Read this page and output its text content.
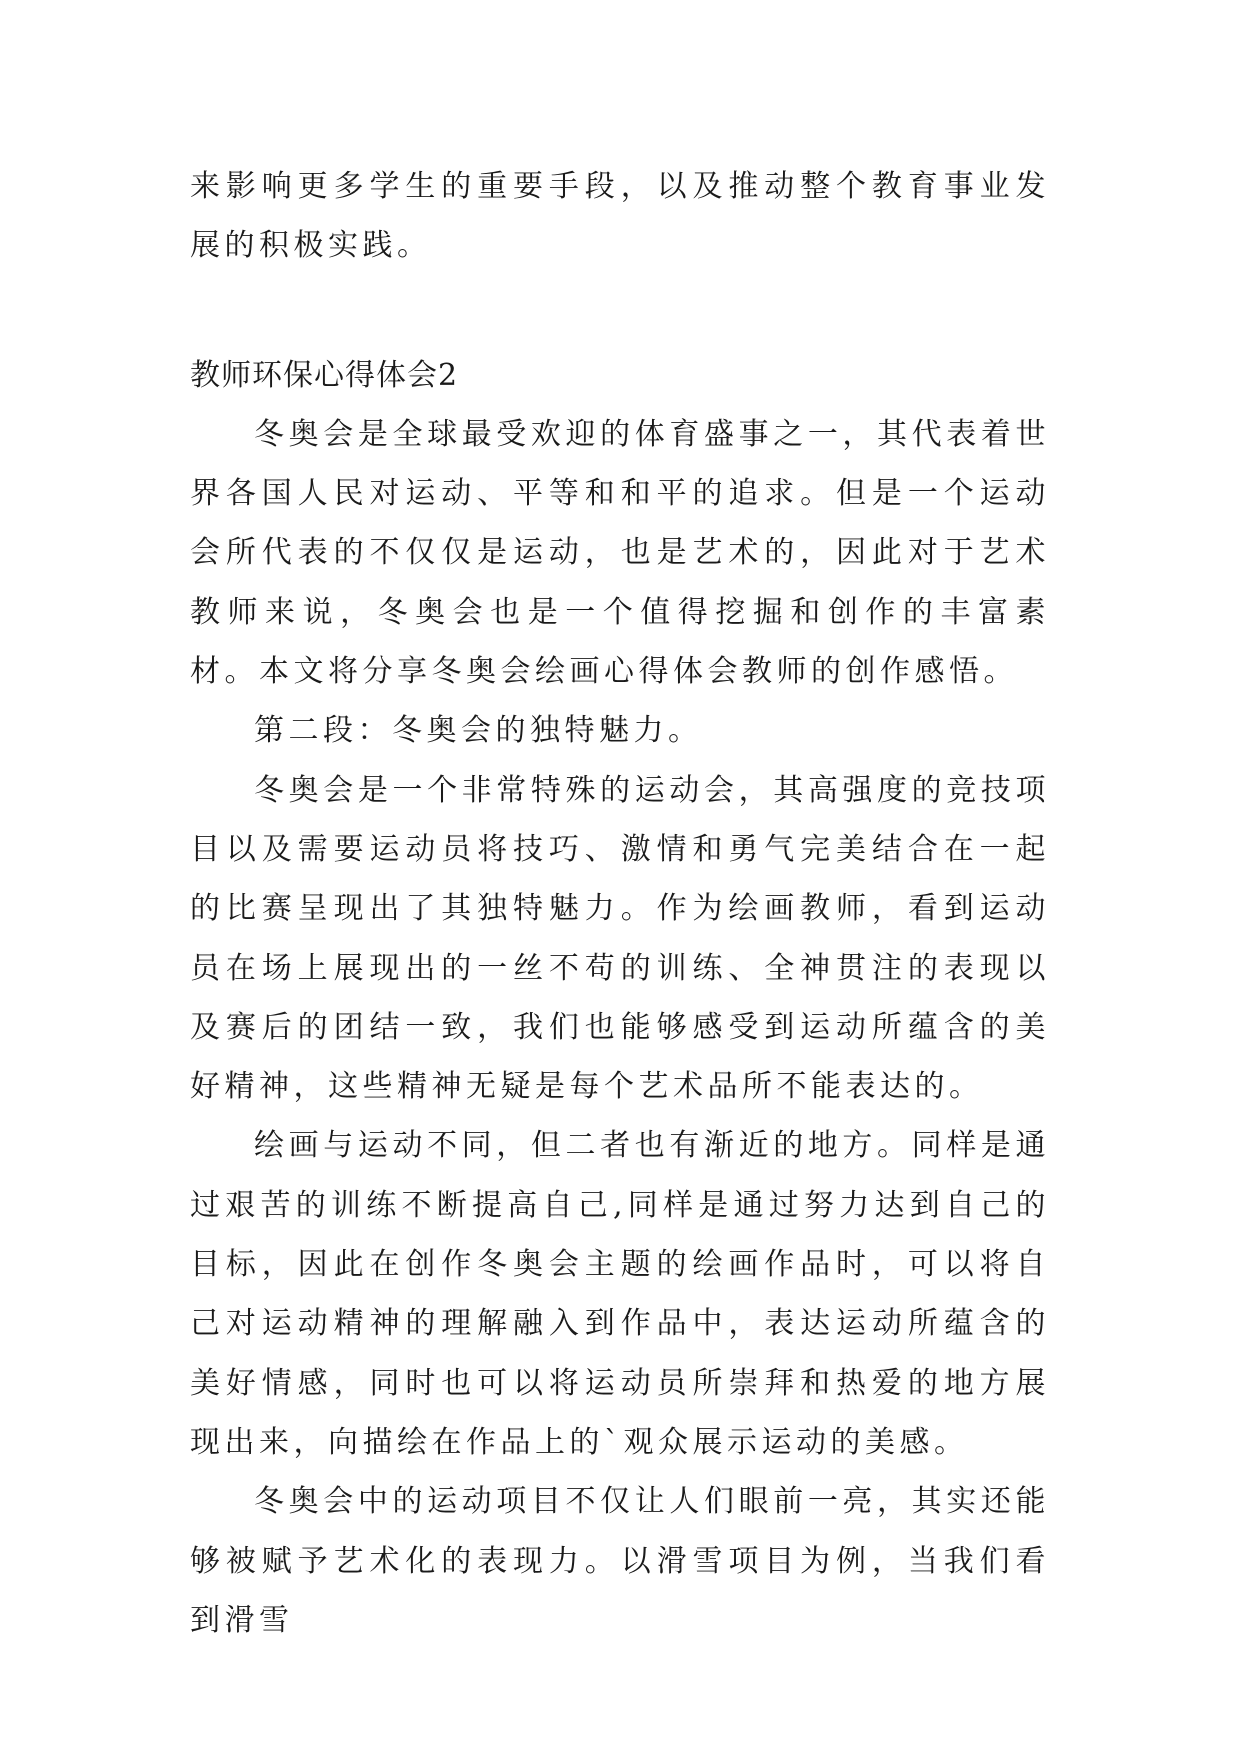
来影响更多学生的重要手段，以及推动整个教育事业发展的积极实践。

教师环保心得体会2

冬奥会是全球最受欢迎的体育盛事之一，其代表着世界各国人民对运动、平等和和平的追求。但是一个运动会所代表的不仅仅是运动，也是艺术的，因此对于艺术教师来说，冬奥会也是一个值得挖掘和创作的丰富素材。本文将分享冬奥会绘画心得体会教师的创作感悟。

第二段：冬奥会的独特魅力。

冬奥会是一个非常特殊的运动会，其高强度的竞技项目以及需要运动员将技巧、激情和勇气完美结合在一起的比赛呈现出了其独特魅力。作为绘画教师，看到运动员在场上展现出的一丝不苟的训练、全神贯注的表现以及赛后的团结一致，我们也能够感受到运动所蕴含的美好精神，这些精神无疑是每个艺术品所不能表达的。

绘画与运动不同，但二者也有渐近的地方。同样是通过艰苦的训练不断提高自己,同样是通过努力达到自己的目标，因此在创作冬奥会主题的绘画作品时，可以将自己对运动精神的理解融入到作品中，表达运动所蕴含的美好情感，同时也可以将运动员所崇拜和热爱的地方展现出来，向描绘在作品上的`观众展示运动的美感。

冬奥会中的运动项目不仅让人们眼前一亮，其实还能够被赋予艺术化的表现力。以滑雪项目为例，当我们看到滑雪
